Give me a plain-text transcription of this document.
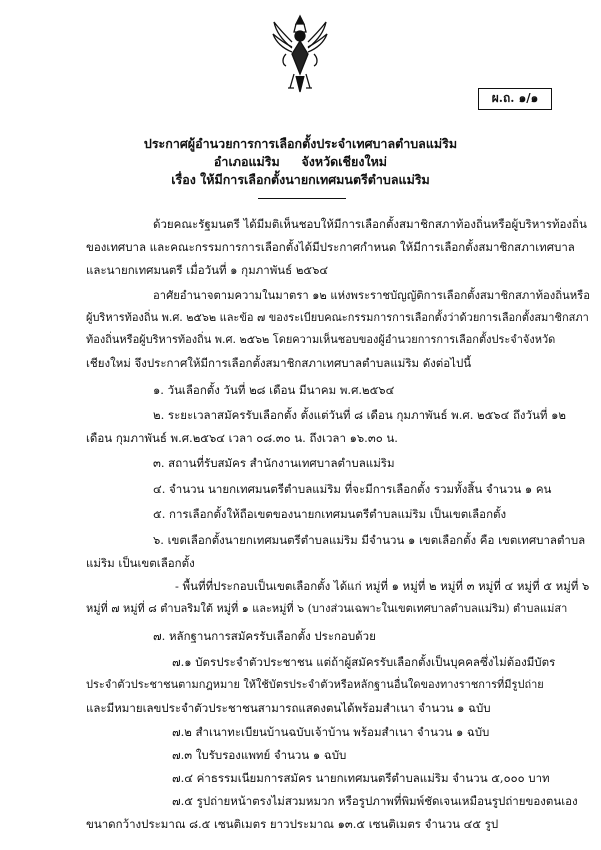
ผ.ถ. ๑/๑
ประกาศผู้อำนวยการการเลือกตั้งประจำเทศบาลตำบลแม่ริม
อำเภอแม่ริม     จังหวัดเชียงใหม่
เรื่อง ให้มีการเลือกตั้งนายกเทศมนตรีตำบลแม่ริม
ด้วยคณะรัฐมนตรี ได้มีมติเห็นชอบให้มีการเลือกตั้งสมาชิกสภาท้องถิ่นหรือผู้บริหารท้องถิ่น
ของเทศบาล และคณะกรรมการการเลือกตั้งได้มีประกาศกำหนด ให้มีการเลือกตั้งสมาชิกสภาเทศบาล
และนายกเทศมนตรี เมื่อวันที่ ๑ กุมภาพันธ์ ๒๕๖๔
อาศัยอำนาจตามความในมาตรา ๑๒ แห่งพระราชบัญญัติการเลือกตั้งสมาชิกสภาท้องถิ่นหรือ
ผู้บริหารท้องถิ่น พ.ศ. ๒๕๖๒ และข้อ ๗ ของระเบียบคณะกรรมการการเลือกตั้งว่าด้วยการเลือกตั้งสมาชิกสภา
ท้องถิ่นหรือผู้บริหารท้องถิ่น พ.ศ. ๒๕๖๒ โดยความเห็นชอบของผู้อำนวยการการเลือกตั้งประจำจังหวัด
เชียงใหม่ จึงประกาศให้มีการเลือกตั้งสมาชิกสภาเทศบาลตำบลแม่ริม ดังต่อไปนี้
๑. วันเลือกตั้ง วันที่ ๒๘ เดือน มีนาคม พ.ศ.๒๕๖๔
๒. ระยะเวลาสมัครรับเลือกตั้ง ตั้งแต่วันที่ ๘ เดือน กุมภาพันธ์ พ.ศ. ๒๕๖๔ ถึงวันที่ ๑๒
เดือน กุมภาพันธ์ พ.ศ.๒๕๖๔ เวลา ๐๘.๓๐ น. ถึงเวลา ๑๖.๓๐ น.
๓. สถานที่รับสมัคร สำนักงานเทศบาลตำบลแม่ริม
๔. จำนวน นายกเทศมนตรีตำบลแม่ริม ที่จะมีการเลือกตั้ง รวมทั้งสิ้น จำนวน ๑ คน
๕. การเลือกตั้งให้ถือเขตของนายกเทศมนตรีตำบลแม่ริม เป็นเขตเลือกตั้ง
๖. เขตเลือกตั้งนายกเทศมนตรีตำบลแม่ริม มีจำนวน ๑ เขตเลือกตั้ง คือ เขตเทศบาลตำบล
แม่ริม เป็นเขตเลือกตั้ง
- พื้นที่ที่ประกอบเป็นเขตเลือกตั้ง ได้แก่ หมู่ที่ ๑ หมู่ที่ ๒ หมู่ที่ ๓ หมู่ที่ ๔ หมู่ที่ ๕ หมู่ที่ ๖
หมู่ที่ ๗ หมู่ที่ ๘ ตำบลริมใต้ หมู่ที่ ๑ และหมู่ที่ ๖ (บางส่วนเฉพาะในเขตเทศบาลตำบลแม่ริม) ตำบลแม่สา
๗. หลักฐานการสมัครรับเลือกตั้ง ประกอบด้วย
๗.๑ บัตรประจำตัวประชาชน แต่ถ้าผู้สมัครรับเลือกตั้งเป็นบุคคลซึ่งไม่ต้องมีบัตร
ประจำตัวประชาชนตามกฎหมาย ให้ใช้บัตรประจำตัวหรือหลักฐานอื่นใดของทางราชการที่มีรูปถ่าย
และมีหมายเลขประจำตัวประชาชนสามารถแสดงตนได้พร้อมสำเนา จำนวน ๑ ฉบับ
๗.๒ สำเนาทะเบียนบ้านฉบับเจ้าบ้าน พร้อมสำเนา จำนวน ๑ ฉบับ
๗.๓ ใบรับรองแพทย์ จำนวน ๑ ฉบับ
๗.๔ ค่าธรรมเนียมการสมัคร นายกเทศมนตรีตำบลแม่ริม จำนวน ๕,๐๐๐ บาท
๗.๕ รูปถ่ายหน้าตรงไม่สวมหมวก หรือรูปภาพที่พิมพ์ชัดเจนเหมือนรูปถ่ายของตนเอง
ขนาดกว้างประมาณ ๘.๕ เซนติเมตร ยาวประมาณ ๑๓.๕ เซนติเมตร จำนวน ๔๕ รูป
